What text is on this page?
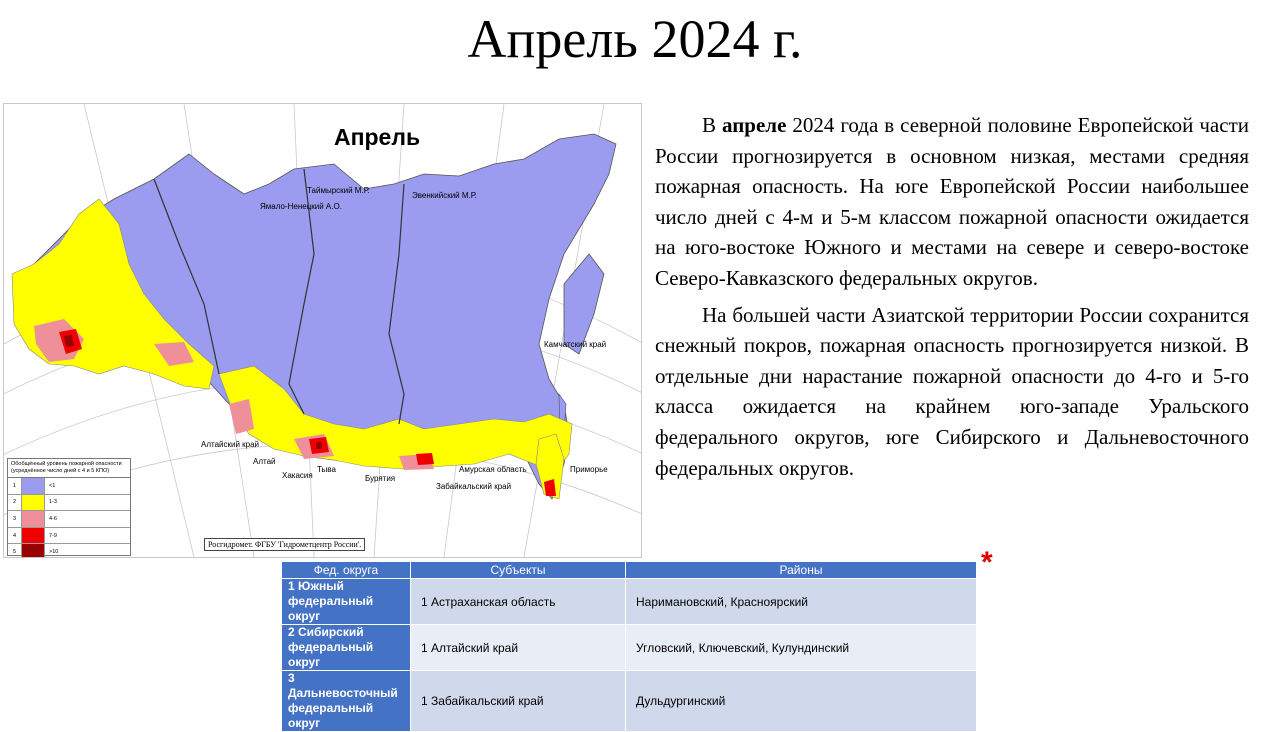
Апрель 2024 г.
Апрель
Таймырский М.Р.
Ямало-Ненецкий А.О.
Эвенкийский М.Р.
Камчатский край
Алтайский край
Алтай
Хакасия
Тыва
Бурятия
Амурская область
Забайкальский край
Приморье
Обобщённый уровень пожарной опасности (усреднённое число дней с 4 и 5 КПО)
1	<1
2	1-3
3	4-6
4	7-9
5	>10
Росгидромет. ФГБУ 'Гидрометцентр России'.

В апреле 2024 года в северной половине Европейской части России прогнозируется в основном низкая, местами средняя пожарная опасность. На юге Европейской России наибольшее число дней с 4-м и 5-м классом пожарной опасности ожидается на юго-востоке Южного и местами на севере и северо-востоке Северо-Кавказского федеральных округов.

На большей части Азиатской территории России сохранится снежный покров, пожарная опасность прогнозируется низкой. В отдельные дни нарастание пожарной опасности до 4-го и 5-го класса ожидается на крайнем юго-западе Уральского федерального округов, юге Сибирского и Дальневосточного федеральных округов.

*
Фед. округа	Субъекты	Районы
1 Южный федеральный округ	1 Астраханская область	Наримановский, Красноярский
2 Сибирский федеральный округ	1 Алтайский край	Угловский, Ключевский, Кулундинский
3 Дальневосточный федеральный округ	1 Забайкальский край	Дульдургинский
